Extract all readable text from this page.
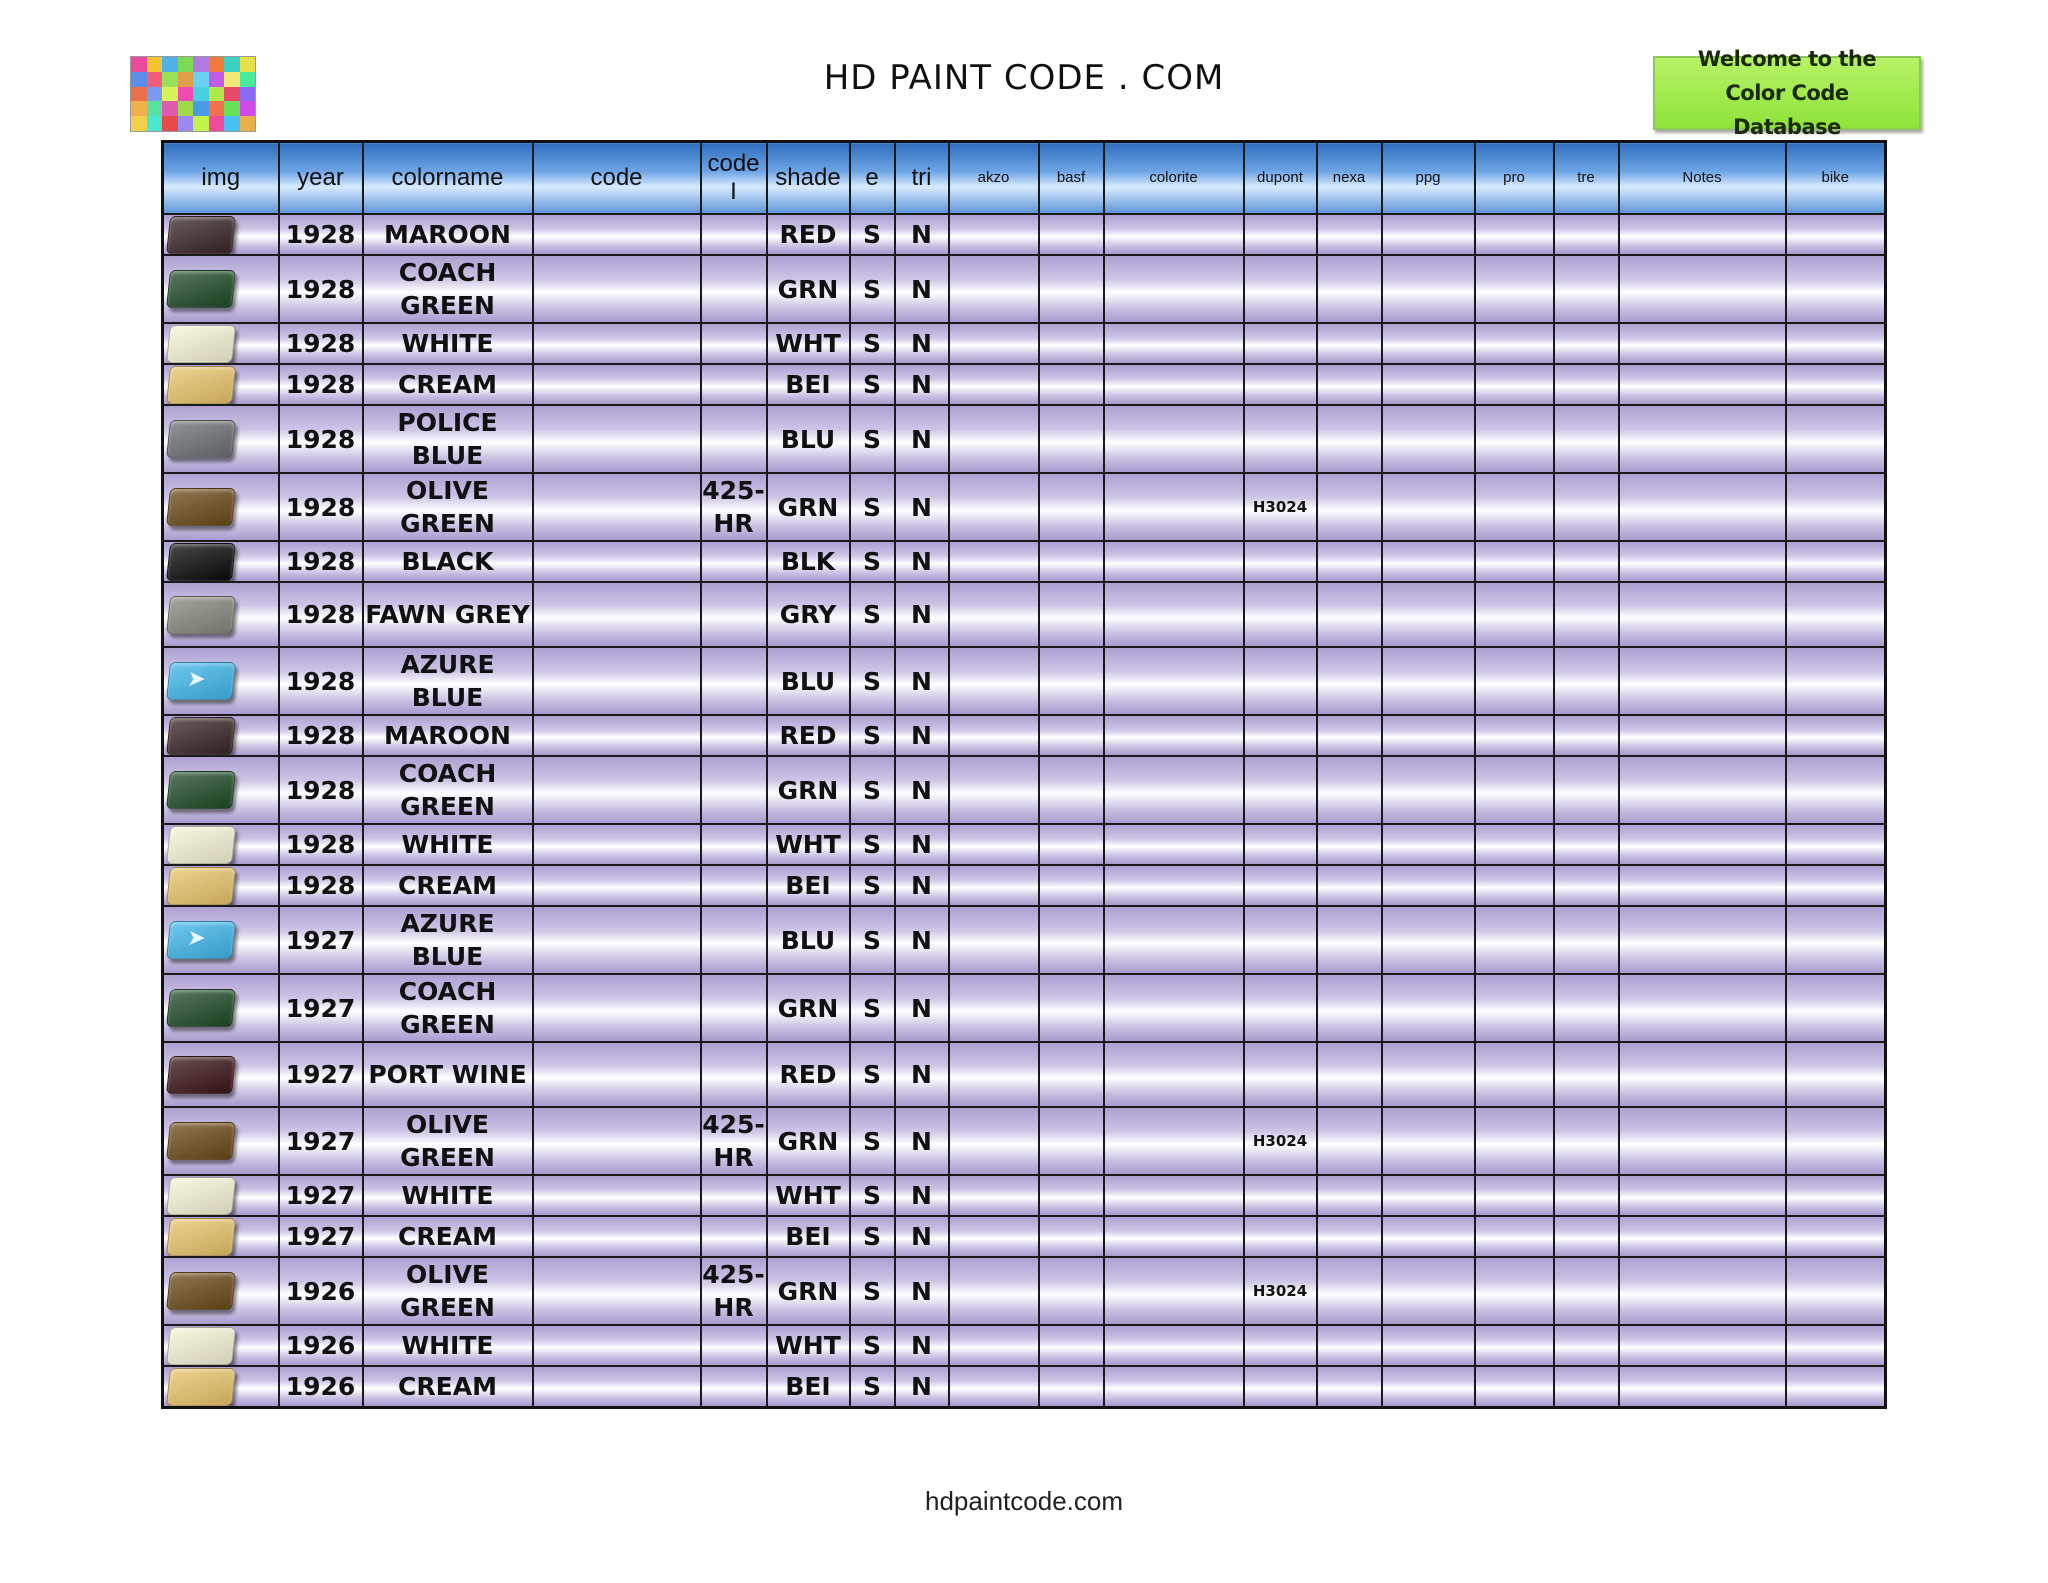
HD PAINT CODE . COM	Welcome to the Color Code Database
img	year	colorname	code	code I	shade	e	tri	akzo	basf	colorite	dupont	nexa	ppg	pro	tre	Notes	bike

	1928	MAROON			RED	S	N										

	1928	COACH GREEN			GRN	S	N										

	1928	WHITE			WHT	S	N										

	1928	CREAM			BEI	S	N										

	1928	POLICE BLUE			BLU	S	N										

	1928	OLIVE GREEN		425-HR	GRN	S	N				H3024						

	1928	BLACK			BLK	S	N										

	1928	FAWN GREY			GRY	S	N										

➤	1928	AZURE BLUE			BLU	S	N										

	1928	MAROON			RED	S	N										

	1928	COACH GREEN			GRN	S	N										

	1928	WHITE			WHT	S	N										

	1928	CREAM			BEI	S	N										

➤	1927	AZURE BLUE			BLU	S	N										

	1927	COACH GREEN			GRN	S	N										

	1927	PORT WINE			RED	S	N										

	1927	OLIVE GREEN		425-HR	GRN	S	N				H3024						

	1927	WHITE			WHT	S	N										

	1927	CREAM			BEI	S	N										

	1926	OLIVE GREEN		425-HR	GRN	S	N				H3024						

	1926	WHITE			WHT	S	N										

	1926	CREAM			BEI	S	N										
hdpaintcode.com
